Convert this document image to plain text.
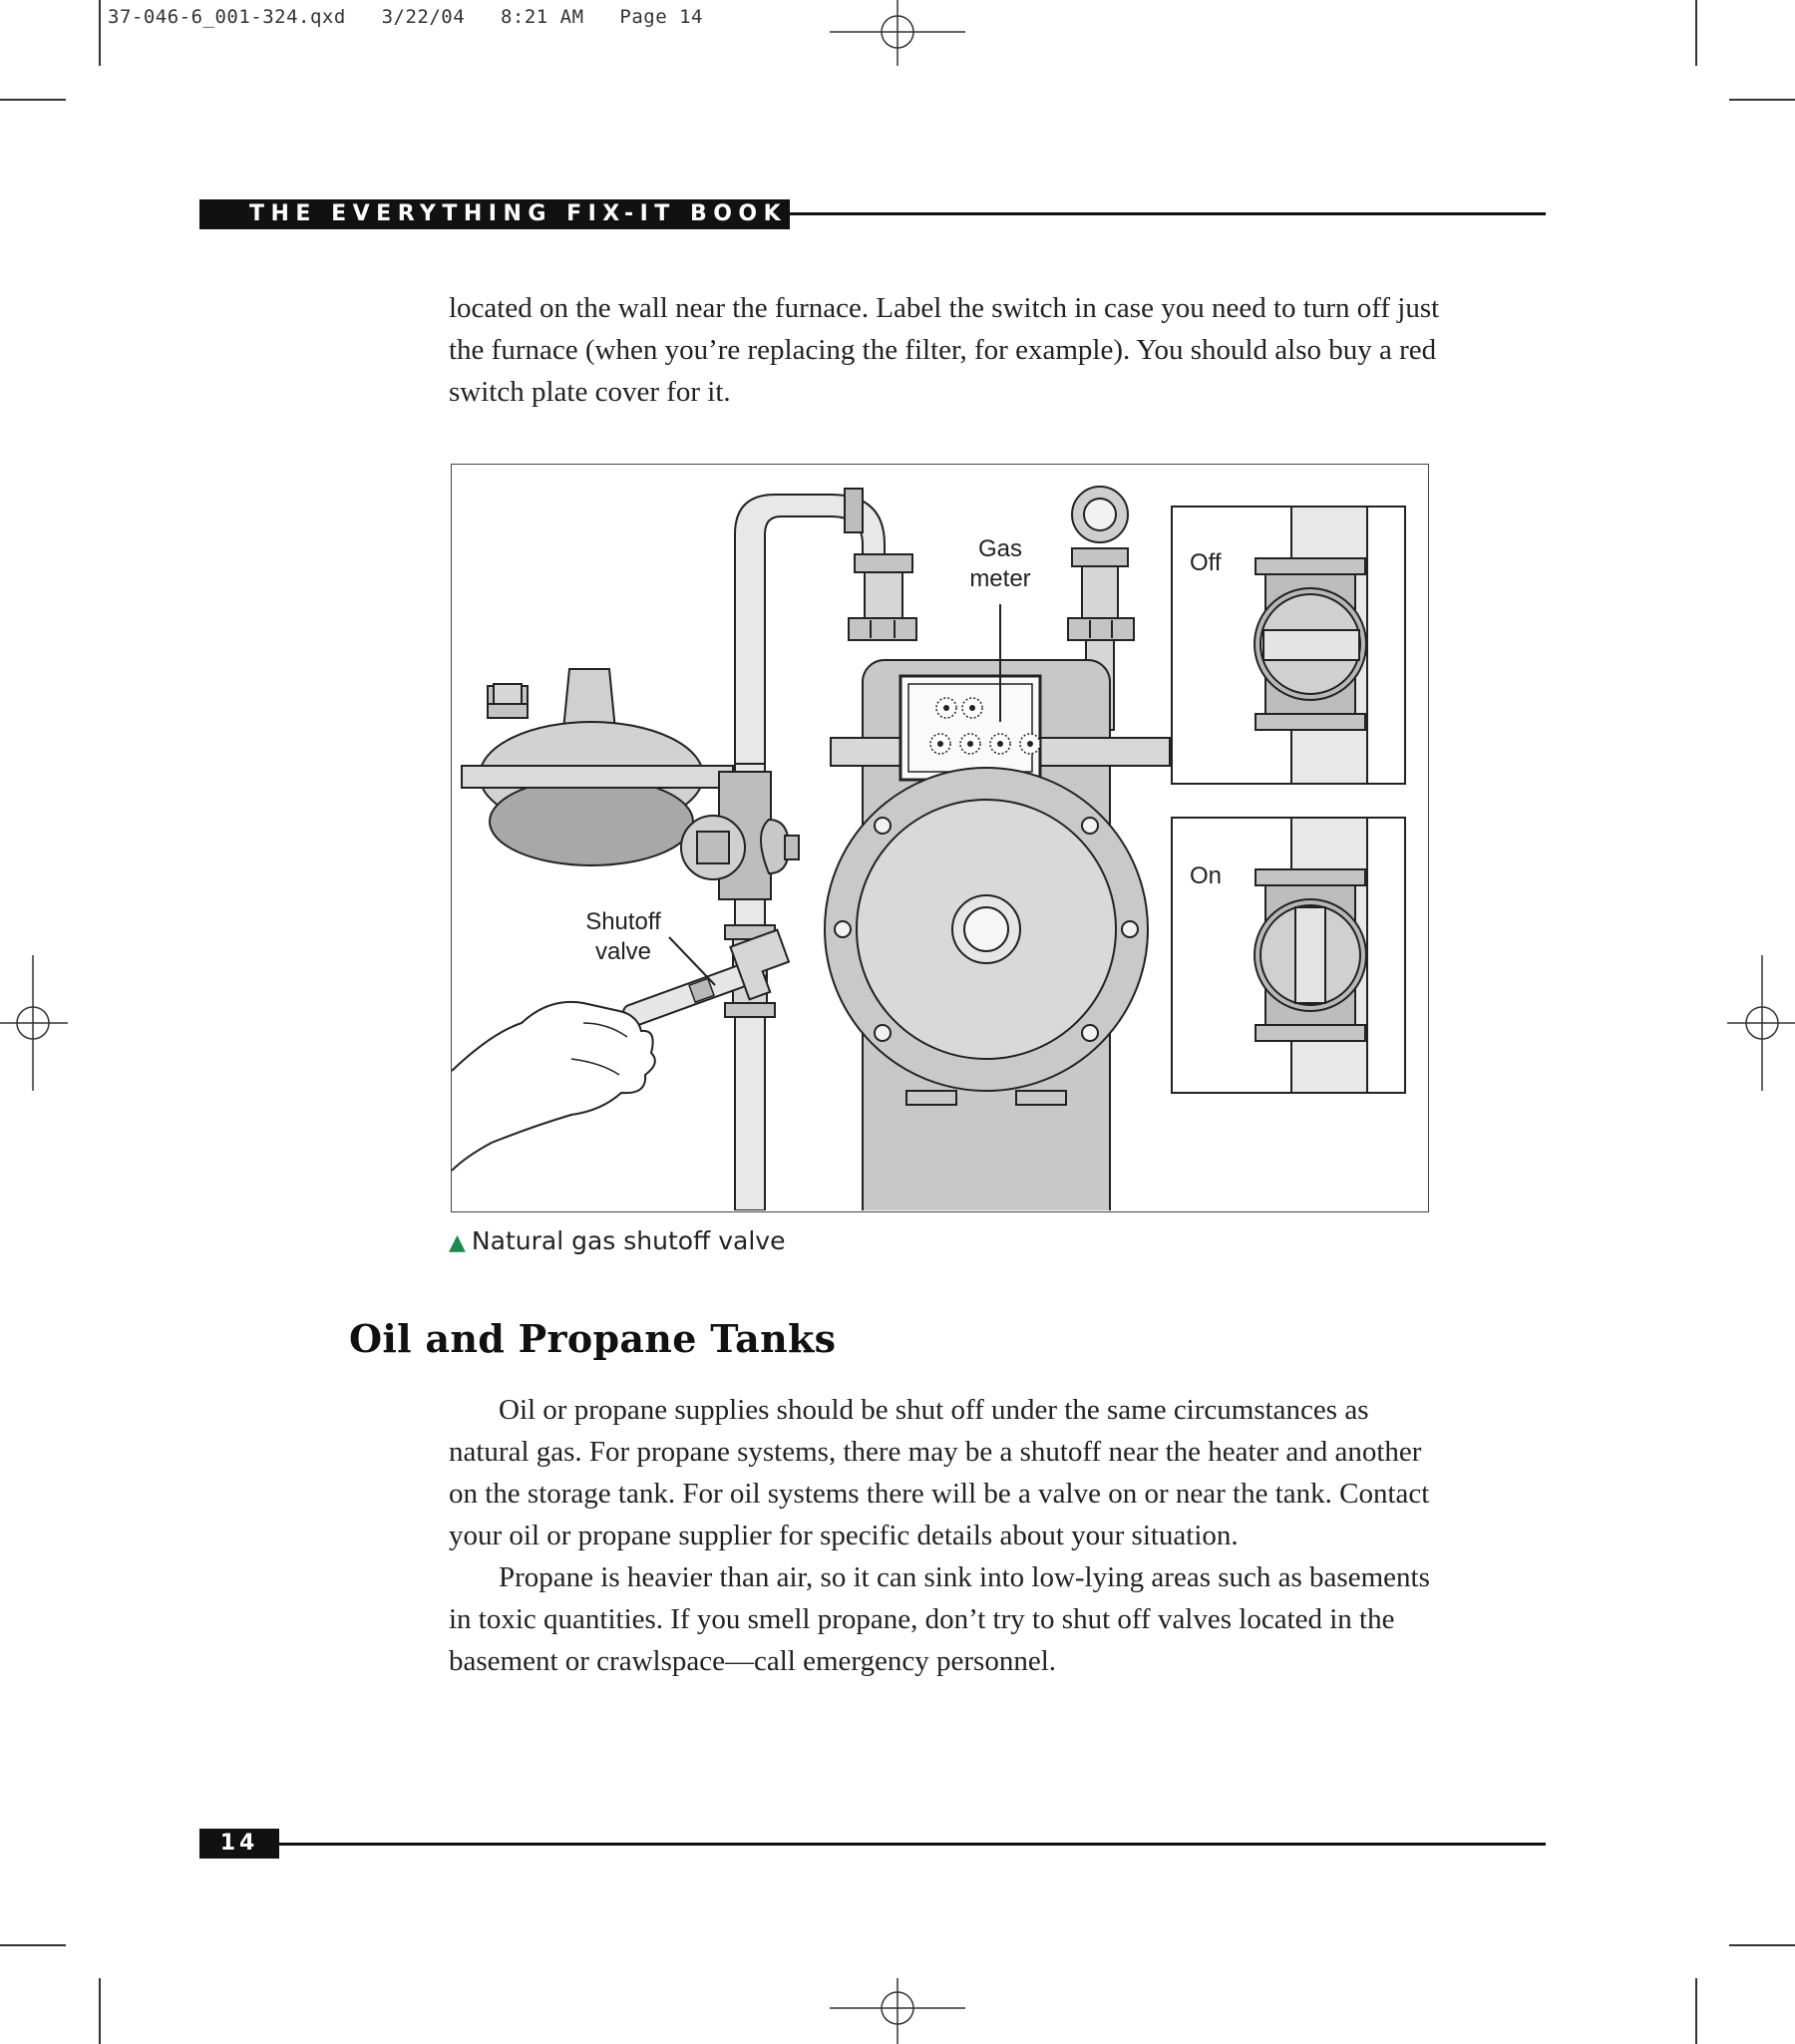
37-046-6_001-324.qxd   3/22/04   8:21 AM   Page 14
THE EVERYTHING FIX-IT BOOK

located on the wall near the furnace. Label the switch in case you need to turn off just the furnace (when you’re replacing the filter, for example). You should also buy a red switch plate cover for it.

Gas
meter
Shutoff
valve
Off
On
▲ Natural gas shutoff valve
Oil and Propane Tanks

Oil or propane supplies should be shut off under the same circumstances as natural gas. For propane systems, there may be a shutoff near the heater and another on the storage tank. For oil systems there will be a valve on or near the tank. Contact your oil or propane supplier for specific details about your situation.

Propane is heavier than air, so it can sink into low-lying areas such as basements in toxic quantities. If you smell propane, don’t try to shut off valves located in the basement or crawlspace—call emergency personnel.

14
